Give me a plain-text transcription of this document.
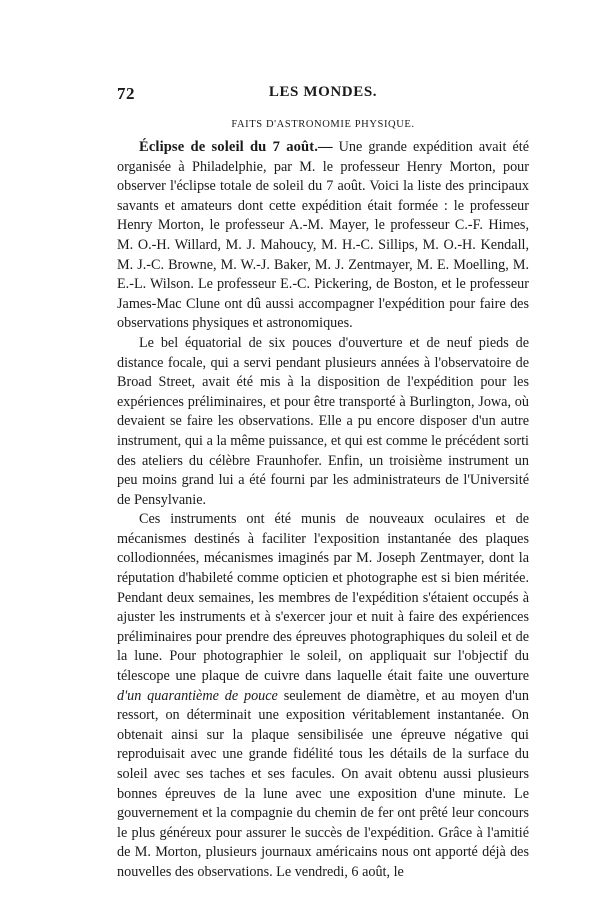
72	LES MONDES.
FAITS D'ASTRONOMIE PHYSIQUE.

Éclipse de soleil du 7 août.— Une grande expédition avait été organisée à Philadelphie, par M. le professeur Henry Morton, pour observer l'éclipse totale de soleil du 7 août. Voici la liste des principaux savants et amateurs dont cette expédition était formée : le professeur Henry Morton, le professeur A.-M. Mayer, le professeur C.-F. Himes, M. O.-H. Willard, M. J. Mahoucy, M. H.-C. Sillips, M. O.-H. Kendall, M. J.-C. Browne, M. W.-J. Baker, M. J. Zentmayer, M. E. Moelling, M. E.-L. Wilson. Le professeur E.-C. Pickering, de Boston, et le professeur James-Mac Clune ont dû aussi accompagner l'expédition pour faire des observations physiques et astronomiques.

Le bel équatorial de six pouces d'ouverture et de neuf pieds de distance focale, qui a servi pendant plusieurs années à l'observatoire de Broad Street, avait été mis à la disposition de l'expédition pour les expériences préliminaires, et pour être transporté à Burlington, Jowa, où devaient se faire les observations. Elle a pu encore disposer d'un autre instrument, qui a la même puissance, et qui est comme le précédent sorti des ateliers du célèbre Fraunhofer. Enfin, un troisième instrument un peu moins grand lui a été fourni par les administrateurs de l'Université de Pensylvanie.

Ces instruments ont été munis de nouveaux oculaires et de mécanismes destinés à faciliter l'exposition instantanée des plaques collodionnées, mécanismes imaginés par M. Joseph Zentmayer, dont la réputation d'habileté comme opticien et photographe est si bien méritée. Pendant deux semaines, les membres de l'expédition s'étaient occupés à ajuster les instruments et à s'exercer jour et nuit à faire des expériences préliminaires pour prendre des épreuves photographiques du soleil et de la lune. Pour photographier le soleil, on appliquait sur l'objectif du télescope une plaque de cuivre dans laquelle était faite une ouverture d'un quarantième de pouce seulement de diamètre, et au moyen d'un ressort, on déterminait une exposition véritablement instantanée. On obtenait ainsi sur la plaque sensibilisée une épreuve négative qui reproduisait avec une grande fidélité tous les détails de la surface du soleil avec ses taches et ses facules. On avait obtenu aussi plusieurs bonnes épreuves de la lune avec une exposition d'une minute. Le gouvernement et la compagnie du chemin de fer ont prêté leur concours le plus généreux pour assurer le succès de l'expédition. Grâce à l'amitié de M. Morton, plusieurs journaux américains nous ont apporté déjà des nouvelles des observations. Le vendredi, 6 août, le
